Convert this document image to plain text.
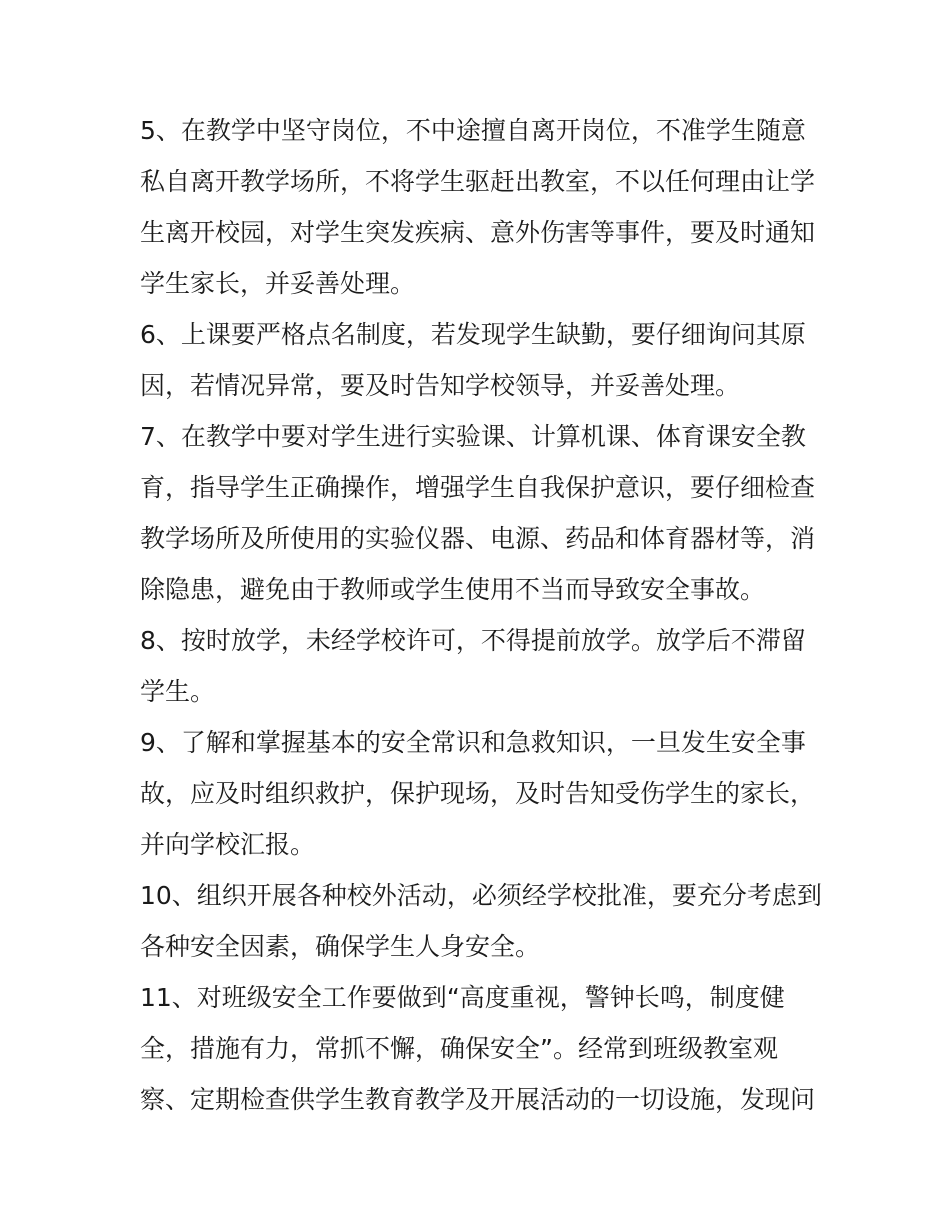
5、在教学中坚守岗位，不中途擅自离开岗位，不准学生随意
私自离开教学场所，不将学生驱赶出教室，不以任何理由让学
生离开校园，对学生突发疾病、意外伤害等事件，要及时通知
学生家长，并妥善处理。
6、上课要严格点名制度，若发现学生缺勤，要仔细询问其原
因，若情况异常，要及时告知学校领导，并妥善处理。
7、在教学中要对学生进行实验课、计算机课、体育课安全教
育，指导学生正确操作，增强学生自我保护意识，要仔细检查
教学场所及所使用的实验仪器、电源、药品和体育器材等，消
除隐患，避免由于教师或学生使用不当而导致安全事故。
8、按时放学，未经学校许可，不得提前放学。放学后不滞留
学生。
9、了解和掌握基本的安全常识和急救知识，一旦发生安全事
故，应及时组织救护，保护现场，及时告知受伤学生的家长，
并向学校汇报。
10、组织开展各种校外活动，必须经学校批准，要充分考虑到
各种安全因素，确保学生人身安全。
11、对班级安全工作要做到“高度重视，警钟长鸣，制度健
全，措施有力，常抓不懈，确保安全”。经常到班级教室观
察、定期检查供学生教育教学及开展活动的一切设施，发现问
